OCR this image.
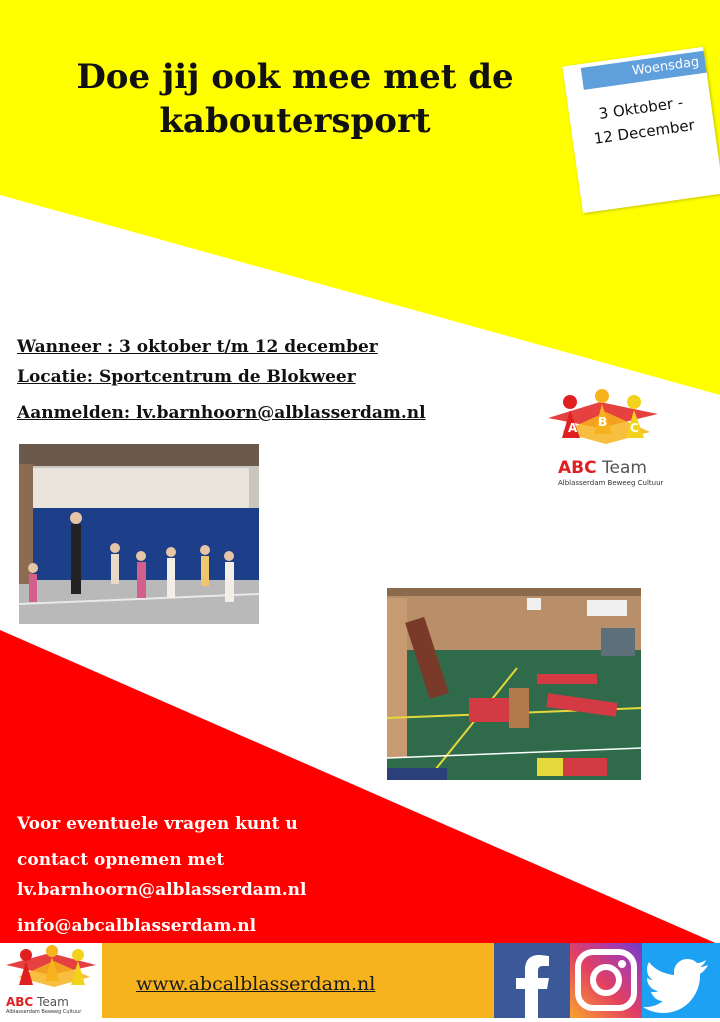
Doe jij ook mee met de
kaboutersport
Woensdag
3 Oktober -
12 December
Wanneer : 3 oktober t/m 12 december
Locatie: Sportcentrum de Blokweer
Aanmelden: lv.barnhoorn@alblasserdam.nl
A B C
ABC Team
Alblasserdam Beweeg Cultuur
Voor eventuele vragen kunt u
contact opnemen met
lv.barnhoorn@alblasserdam.nl
info@abcalblasserdam.nl
ABC Team
Alblasserdam Beweeg Cultuur
www.abcalblasserdam.nl
